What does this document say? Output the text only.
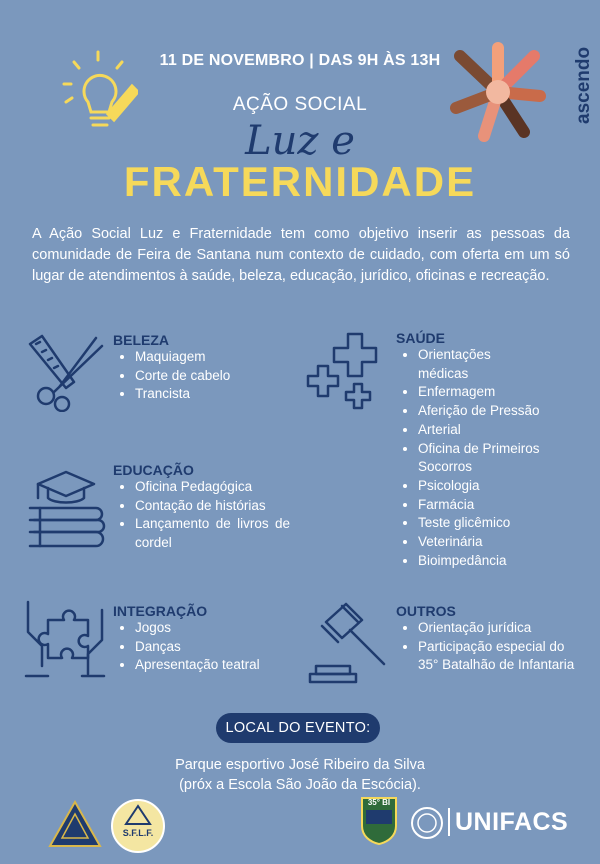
11 DE NOVEMBRO | DAS 9H ÀS 13H	ascendo
AÇÃO SOCIAL
Luz e
FRATERNIDADE
A Ação Social Luz e Fraternidade tem como objetivo inserir as pessoas da comunidade de Feira de Santana num contexto de cuidado, com oferta em um só lugar de atendimentos à saúde, beleza, educação, jurídico, oficinas e recreação.
BELEZA
• Maquiagem
• Corte de cabelo
• Trancista
SAÚDE
• Orientações médicas
• Enfermagem
• Aferição de Pressão
• Arterial
• Oficina de Primeiros Socorros
• Psicologia
• Farmácia
• Teste glicêmico
• Veterinária
• Bioimpedância
EDUCAÇÃO
• Oficina Pedagógica
• Contação de histórias
• Lançamento de livros de cordel
INTEGRAÇÃO
• Jogos
• Danças
• Apresentação teatral
OUTROS
• Orientação jurídica
• Participação especial do 35° Batalhão de Infantaria
LOCAL DO EVENTO:
Parque esportivo José Ribeiro da Silva
(próx a Escola São João da Escócia).
S.F.L.F.
35° BI
UNIFACS
